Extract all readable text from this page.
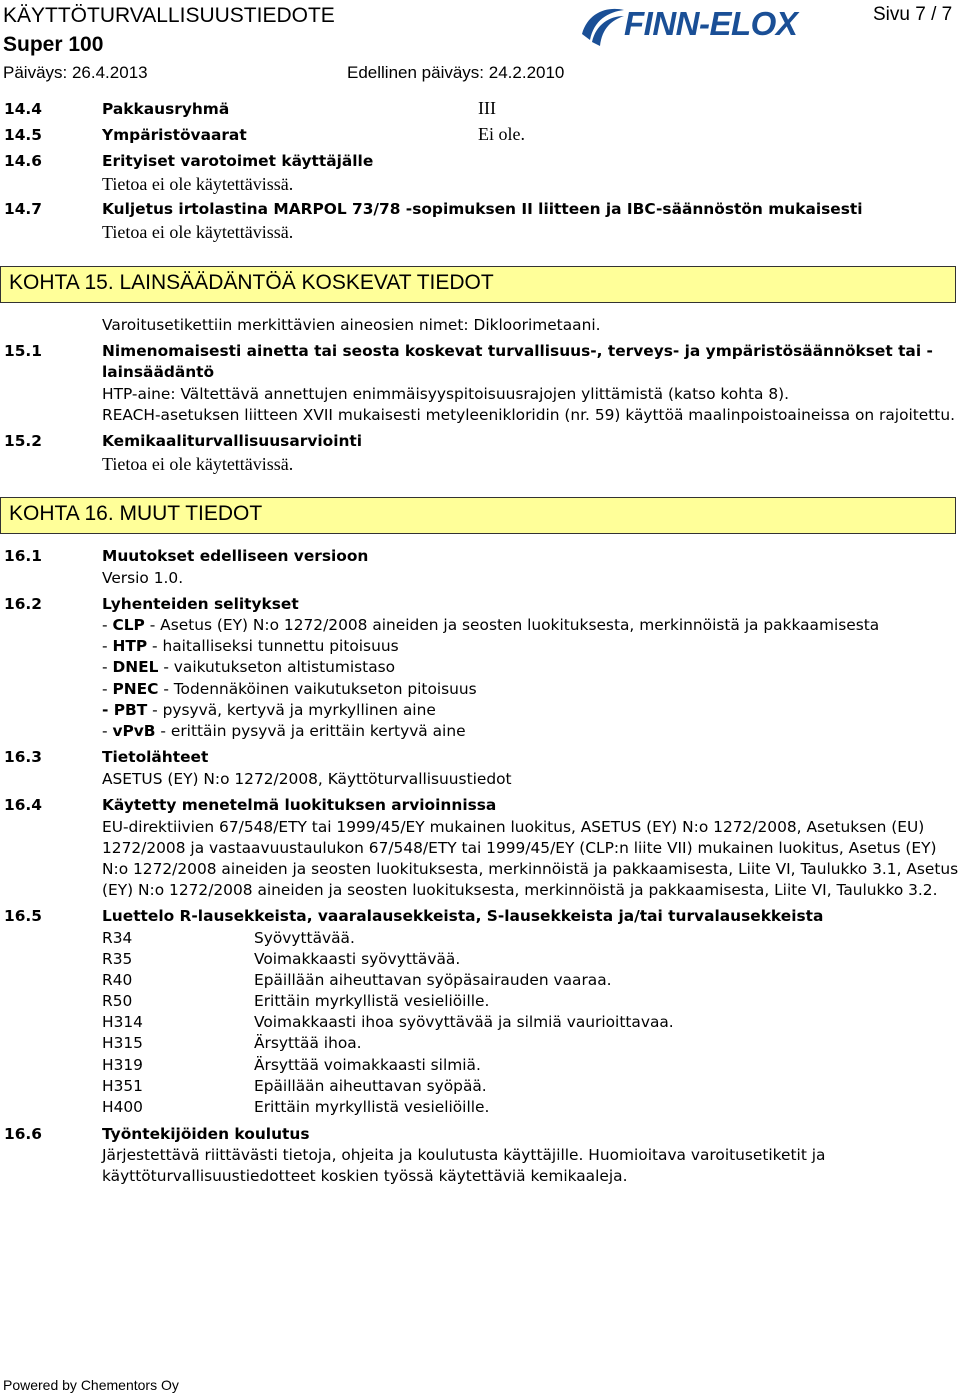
KÄYTTÖTURVALLISUUSTIEDOTE
Super 100
Päiväys: 26.4.2013	Edellinen päiväys: 24.2.2010
Sivu 7 / 7
FINN-ELOX
14.4	Pakkausryhmä	III
14.5	Ympäristövaarat	Ei ole.
14.6	Erityiset varotoimet käyttäjälle
Tietoa ei ole käytettävissä.
14.7	Kuljetus irtolastina MARPOL 73/78 -sopimuksen II liitteen ja IBC-säännöstön mukaisesti
Tietoa ei ole käytettävissä.
KOHTA 15. LAINSÄÄDÄNTÖÄ KOSKEVAT TIEDOT
Varoitusetikettiin merkittävien aineosien nimet: Dikloorimetaani.
15.1	Nimenomaisesti ainetta tai seosta koskevat turvallisuus-, terveys- ja ympäristösäännökset tai -
lainsäädäntö
HTP-aine: Vältettävä annettujen enimmäisyyspitoisuusrajojen ylittämistä (katso kohta 8).
REACH-asetuksen liitteen XVII mukaisesti metyleenikloridin (nr. 59) käyttöä maalinpoistoaineissa on rajoitettu.
15.2	Kemikaaliturvallisuusarviointi
Tietoa ei ole käytettävissä.
KOHTA 16. MUUT TIEDOT
16.1	Muutokset edelliseen versioon
Versio 1.0.
16.2	Lyhenteiden selitykset
- CLP - Asetus (EY) N:o 1272/2008 aineiden ja seosten luokituksesta, merkinnöistä ja pakkaamisesta
- HTP - haitalliseksi tunnettu pitoisuus
- DNEL - vaikutukseton altistumistaso
- PNEC - Todennäköinen vaikutukseton pitoisuus
- PBT - pysyvä, kertyvä ja myrkyllinen aine
- vPvB - erittäin pysyvä ja erittäin kertyvä aine
16.3	Tietolähteet
ASETUS (EY) N:o 1272/2008, Käyttöturvallisuustiedot
16.4	Käytetty menetelmä luokituksen arvioinnissa
EU-direktiivien 67/548/ETY tai 1999/45/EY mukainen luokitus, ASETUS (EY) N:o 1272/2008, Asetuksen (EU)
1272/2008 ja vastaavuustaulukon 67/548/ETY tai 1999/45/EY (CLP:n liite VII) mukainen luokitus, Asetus (EY)
N:o 1272/2008 aineiden ja seosten luokituksesta, merkinnöistä ja pakkaamisesta, Liite VI, Taulukko 3.1, Asetus
(EY) N:o 1272/2008 aineiden ja seosten luokituksesta, merkinnöistä ja pakkaamisesta, Liite VI, Taulukko 3.2.
16.5	Luettelo R-lausekkeista, vaaralausekkeista, S-lausekkeista ja/tai turvalausekkeista
R34	Syövyttävää.
R35	Voimakkaasti syövyttävää.
R40	Epäillään aiheuttavan syöpäsairauden vaaraa.
R50	Erittäin myrkyllistä vesieliöille.
H314	Voimakkaasti ihoa syövyttävää ja silmiä vaurioittavaa.
H315	Ärsyttää ihoa.
H319	Ärsyttää voimakkaasti silmiä.
H351	Epäillään aiheuttavan syöpää.
H400	Erittäin myrkyllistä vesieliöille.
16.6	Työntekijöiden koulutus
Järjestettävä riittävästi tietoja, ohjeita ja koulutusta käyttäjille. Huomioitava varoitusetiketit ja
käyttöturvallisuustiedotteet koskien työssä käytettäviä kemikaaleja.
Powered by Chementors Oy
